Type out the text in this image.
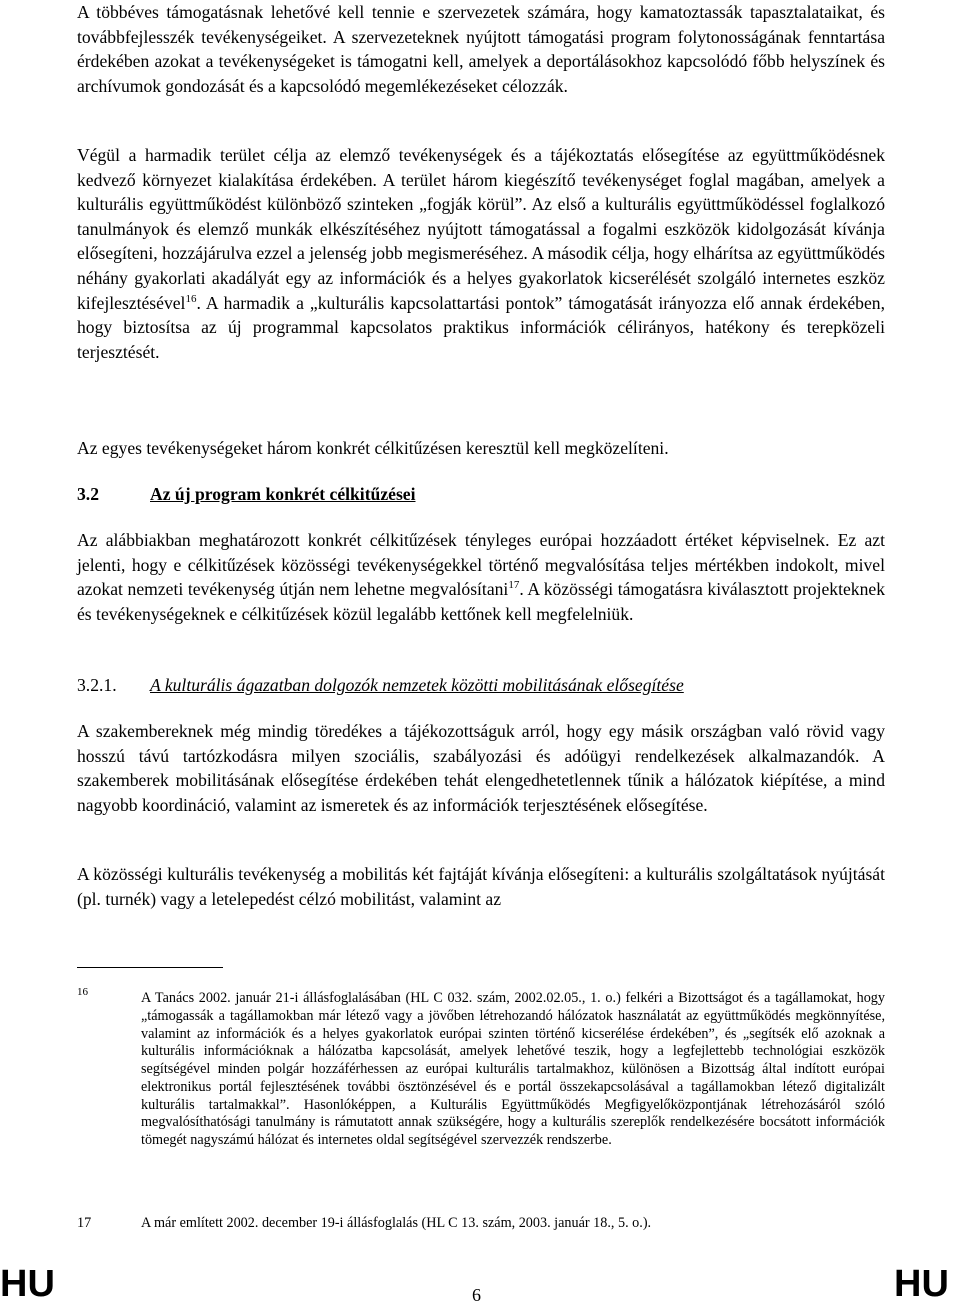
A többéves támogatásnak lehetővé kell tennie e szervezetek számára, hogy kamatoztassák tapasztalataikat, és továbbfejlesszék tevékenységeiket. A szervezeteknek nyújtott támogatási program folytonosságának fenntartása érdekében azokat a tevékenységeket is támogatni kell, amelyek a deportálásokhoz kapcsolódó főbb helyszínek és archívumok gondozását és a kapcsolódó megemlékezéseket célozzák.

Végül a harmadik terület célja az elemző tevékenységek és a tájékoztatás elősegítése az együttműködésnek kedvező környezet kialakítása érdekében. A terület három kiegészítő tevékenységet foglal magában, amelyek a kulturális együttműködést különböző szinteken „fogják körül”. Az első a kulturális együttműködéssel foglalkozó tanulmányok és elemző munkák elkészítéséhez nyújtott támogatással a fogalmi eszközök kidolgozását kívánja elősegíteni, hozzájárulva ezzel a jelenség jobb megismeréséhez. A második célja, hogy elhárítsa az együttműködés néhány gyakorlati akadályát egy az információk és a helyes gyakorlatok kicserélését szolgáló internetes eszköz kifejlesztésével$^{16}$. A harmadik a „kulturális kapcsolattartási pontok” támogatását irányozza elő annak érdekében, hogy biztosítsa az új programmal kapcsolatos praktikus információk célirányos, hatékony és terepközeli terjesztését.

Az egyes tevékenységeket három konkrét célkitűzésen keresztül kell megközelíteni.

3.2	Az új program konkrét célkitűzései

Az alábbiakban meghatározott konkrét célkitűzések tényleges európai hozzáadott értéket képviselnek. Ez azt jelenti, hogy e célkitűzések közösségi tevékenységekkel történő megvalósítása teljes mértékben indokolt, mivel azokat nemzeti tevékenység útján nem lehetne megvalósítani$^{17}$. A közösségi támogatásra kiválasztott projekteknek és tevékenységeknek e célkitűzések közül legalább kettőnek kell megfelelniük.

3.2.1. A kulturális ágazatban dolgozók nemzetek közötti mobilitásának elősegítése

A szakembereknek még mindig töredékes a tájékozottságuk arról, hogy egy másik országban való rövid vagy hosszú távú tartózkodásra milyen szociális, szabályozási és adóügyi rendelkezések alkalmazandók. A szakemberek mobilitásának elősegítése érdekében tehát elengedhetetlennek tűnik a hálózatok kiépítése, a mind nagyobb koordináció, valamint az ismeretek és az információk terjesztésének elősegítése.

A közösségi kulturális tevékenység a mobilitás két fajtáját kívánja elősegíteni: a kulturális szolgáltatások nyújtását (pl. turnék) vagy a letelepedést célzó mobilitást, valamint az

16	A Tanács 2002. január 21-i állásfoglalásában (HL C 032. szám, 2002.02.05., 1. o.) felkéri a Bizottságot és a tagállamokat, hogy „támogassák a tagállamokban már létező vagy a jövőben létrehozandó hálózatok használatát az együttműködés megkönnyítése, valamint az információk és a helyes gyakorlatok európai szinten történő kicserélése érdekében”, és „segítsék elő azoknak a kulturális információknak a hálózatba kapcsolását, amelyek lehetővé teszik, hogy a legfejlettebb technológiai eszközök segítségével minden polgár hozzáférhessen az európai kulturális tartalmakhoz, különösen a Bizottság által indított európai elektronikus portál fejlesztésének további ösztönzésével és e portál összekapcsolásával a tagállamokban létező digitalizált kulturális tartalmakkal”. Hasonlóképpen, a Kulturális Együttműködés Megfigyelőközpontjának létrehozásáról szóló megvalósíthatósági tanulmány is rámutatott annak szükségére, hogy a kulturális szereplők rendelkezésére bocsátott információk tömegét nagyszámú hálózat és internetes oldal segítségével szervezzék rendszerbe.
17	A már említett 2002. december 19-i állásfoglalás (HL C 13. szám, 2003. január 18., 5. o.).
HU	6	HU
